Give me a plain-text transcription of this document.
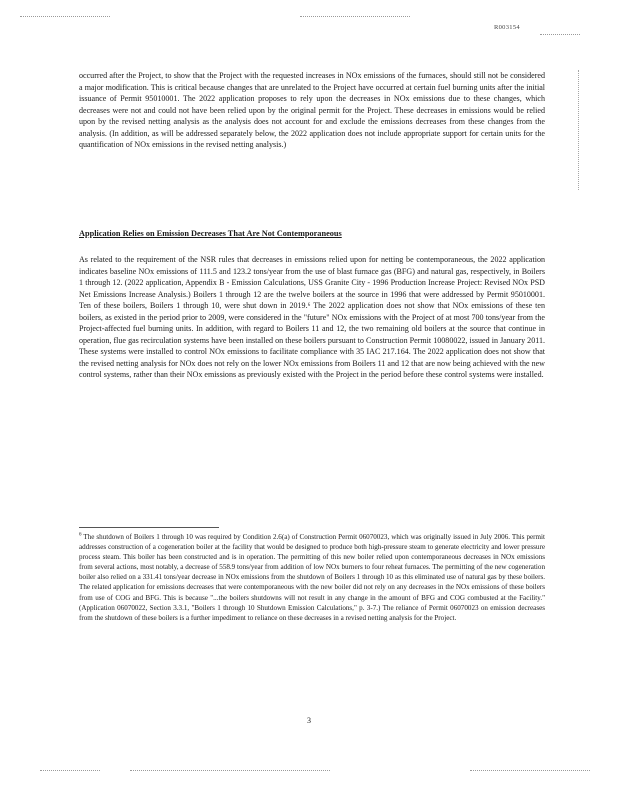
R003154
occurred after the Project, to show that the Project with the requested increases in NOx emissions of the furnaces, should still not be considered a major modification. This is critical because changes that are unrelated to the Project have occurred at certain fuel burning units after the initial issuance of Permit 95010001. The 2022 application proposes to rely upon the decreases in NOx emissions due to these changes, which decreases were not and could not have been relied upon by the original permit for the Project. These decreases in emissions would be relied upon by the revised netting analysis as the analysis does not account for and exclude the emissions decreases from these changes from the analysis. (In addition, as will be addressed separately below, the 2022 application does not include appropriate support for certain units for the quantification of NOx emissions in the revised netting analysis.)
Application Relies on Emission Decreases That Are Not Contemporaneous
As related to the requirement of the NSR rules that decreases in emissions relied upon for netting be contemporaneous, the 2022 application indicates baseline NOx emissions of 111.5 and 123.2 tons/year from the use of blast furnace gas (BFG) and natural gas, respectively, in Boilers 1 through 12. (2022 application, Appendix B - Emission Calculations, USS Granite City - 1996 Production Increase Project: Revised NOx PSD Net Emissions Increase Analysis.) Boilers 1 through 12 are the twelve boilers at the source in 1996 that were addressed by Permit 95010001. Ten of these boilers, Boilers 1 through 10, were shut down in 2019.⁶ The 2022 application does not show that NOx emissions of these ten boilers, as existed in the period prior to 2009, were considered in the "future" NOx emissions with the Project of at most 700 tons/year from the Project-affected fuel burning units. In addition, with regard to Boilers 11 and 12, the two remaining old boilers at the source that continue in operation, flue gas recirculation systems have been installed on these boilers pursuant to Construction Permit 10080022, issued in January 2011. These systems were installed to control NOx emissions to facilitate compliance with 35 IAC 217.164. The 2022 application does not show that the revised netting analysis for NOx does not rely on the lower NOx emissions from Boilers 11 and 12 that are now being achieved with the new control systems, rather than their NOx emissions as previously existed with the Project in the period before these control systems were installed.
$^6$ The shutdown of Boilers 1 through 10 was required by Condition 2.6(a) of Construction Permit 06070023, which was originally issued in July 2006. This permit addresses construction of a cogeneration boiler at the facility that would be designed to produce both high-pressure steam to generate electricity and lower pressure process steam. This boiler has been constructed and is in operation. The permitting of this new boiler relied upon contemporaneous decreases in NOx emissions from several actions, most notably, a decrease of 558.9 tons/year from addition of low NOx burners to four reheat furnaces. The permitting of the new cogeneration boiler also relied on a 331.41 tons/year decrease in NOx emissions from the shutdown of Boilers 1 through 10 as this eliminated use of natural gas by these boilers. The related application for emissions decreases that were contemporaneous with the new boiler did not rely on any decreases in the NOx emissions of these boilers from use of COG and BFG. This is because "...the boilers shutdowns will not result in any change in the amount of BFG and COG combusted at the Facility." (Application 06070022, Section 3.3.1, "Boilers 1 through 10 Shutdown Emission Calculations," p. 3-7.) The reliance of Permit 06070023 on emission decreases from the shutdown of these boilers is a further impediment to reliance on these decreases in a revised netting analysis for the Project.
3
